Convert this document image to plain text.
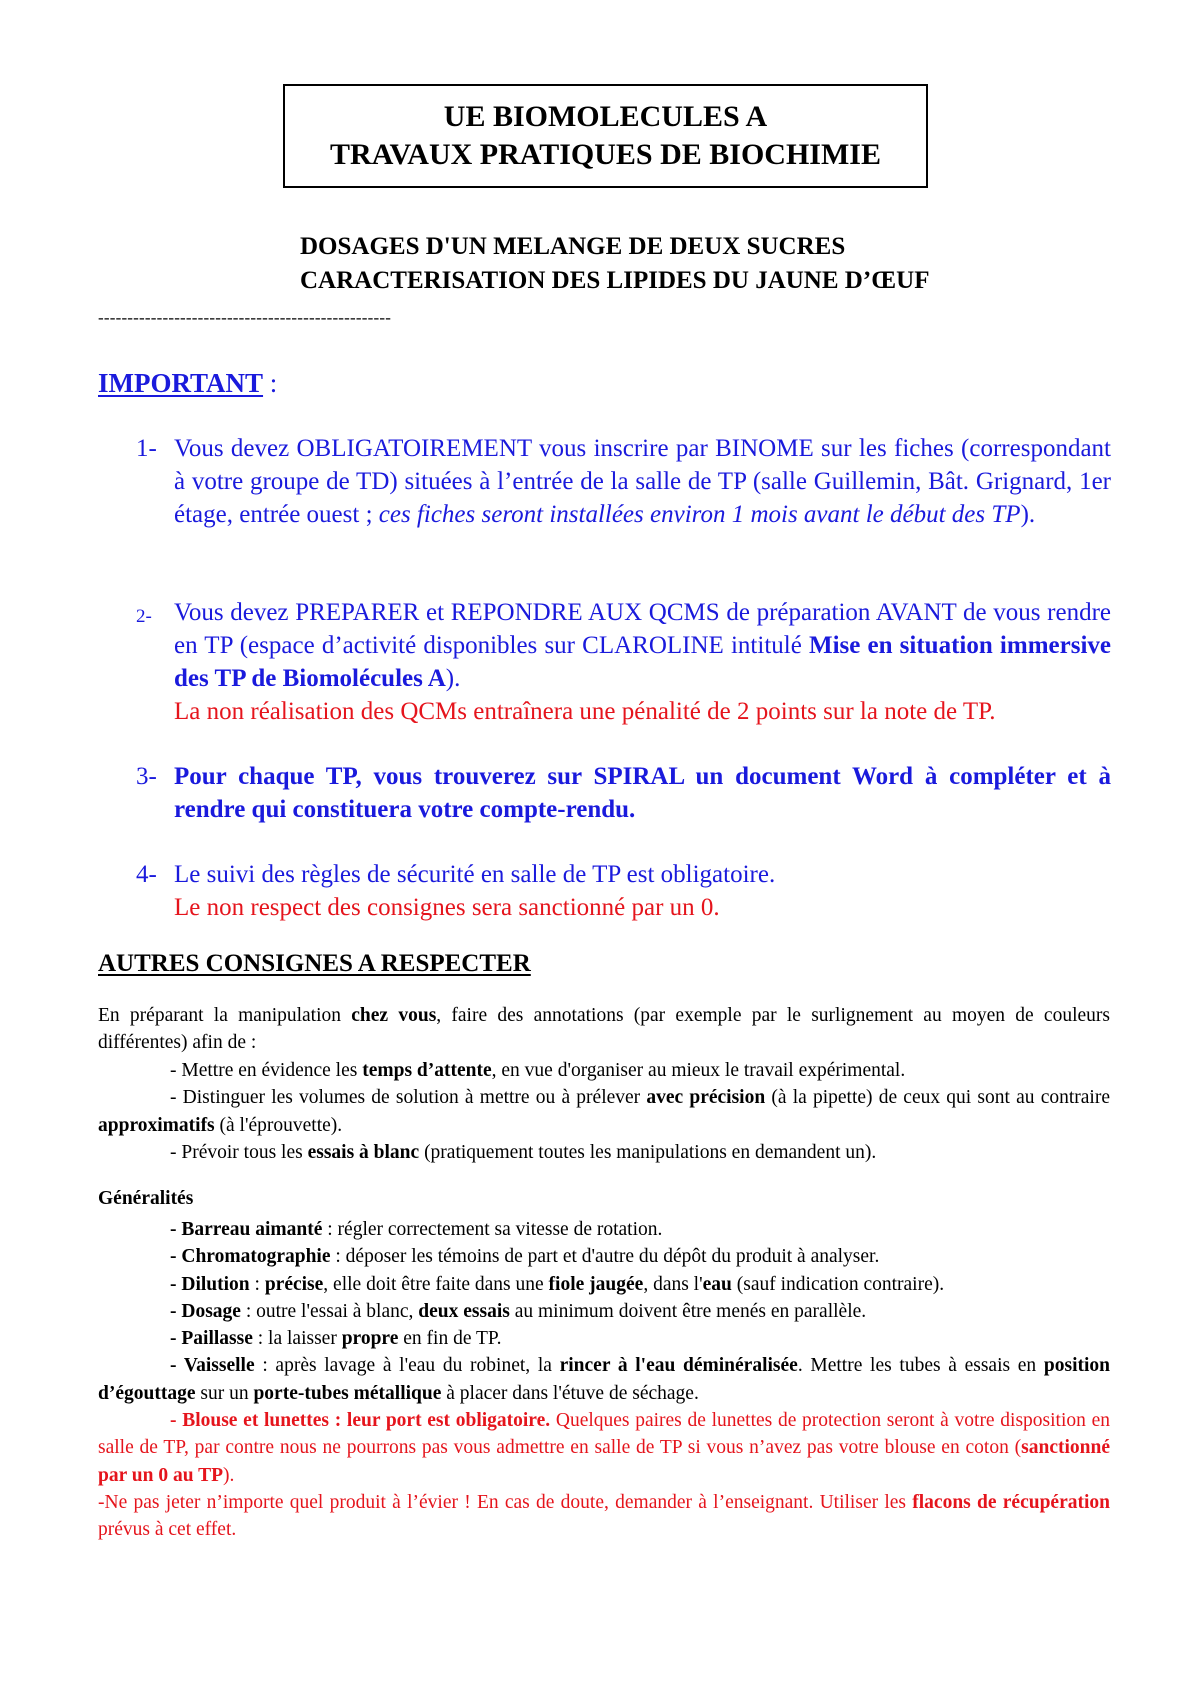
UE BIOMOLECULES A
TRAVAUX PRATIQUES DE BIOCHIMIE
DOSAGES D'UN MELANGE DE DEUX SUCRES
CARACTERISATION DES LIPIDES DU JAUNE D’ŒUF
--------------------------------------------------
IMPORTANT :
1- Vous devez OBLIGATOIREMENT vous inscrire par BINOME sur les fiches (correspondant à votre groupe de TD) situées à l’entrée de la salle de TP (salle Guillemin, Bât. Grignard, 1er étage, entrée ouest ; ces fiches seront installées environ 1 mois avant le début des TP).
2- Vous devez PREPARER et REPONDRE AUX QCMS de préparation AVANT de vous rendre en TP (espace d’activité disponibles sur CLAROLINE intitulé Mise en situation immersive des TP de Biomolécules A).
La non réalisation des QCMs entraînera une pénalité de 2 points sur la note de TP.
3- Pour chaque TP, vous trouverez sur SPIRAL un document Word à compléter et à rendre qui constituera votre compte-rendu.
4- Le suivi des règles de sécurité en salle de TP est obligatoire.
Le non respect des consignes sera sanctionné par un 0.
AUTRES CONSIGNES A RESPECTER
En préparant la manipulation chez vous, faire des annotations (par exemple par le surlignement au moyen de couleurs différentes) afin de :
- Mettre en évidence les temps d’attente, en vue d'organiser au mieux le travail expérimental.
- Distinguer les volumes de solution à mettre ou à prélever avec précision (à la pipette) de ceux qui sont au contraire approximatifs (à l'éprouvette).
- Prévoir tous les essais à blanc (pratiquement toutes les manipulations en demandent un).
Généralités
- Barreau aimanté : régler correctement sa vitesse de rotation.
- Chromatographie : déposer les témoins de part et d'autre du dépôt du produit à analyser.
- Dilution : précise, elle doit être faite dans une fiole jaugée, dans l'eau (sauf indication contraire).
- Dosage : outre l'essai à blanc, deux essais au minimum doivent être menés en parallèle.
- Paillasse : la laisser propre en fin de TP.
- Vaisselle : après lavage à l'eau du robinet, la rincer à l'eau déminéralisée. Mettre les tubes à essais en position d’égouttage sur un porte-tubes métallique à placer dans l'étuve de séchage.
- Blouse et lunettes : leur port est obligatoire. Quelques paires de lunettes de protection seront à votre disposition en salle de TP, par contre nous ne pourrons pas vous admettre en salle de TP si vous n’avez pas votre blouse en coton (sanctionné par un 0 au TP).
-Ne pas jeter n’importe quel produit à l’évier ! En cas de doute, demander à l’enseignant. Utiliser les flacons de récupération prévus à cet effet.
